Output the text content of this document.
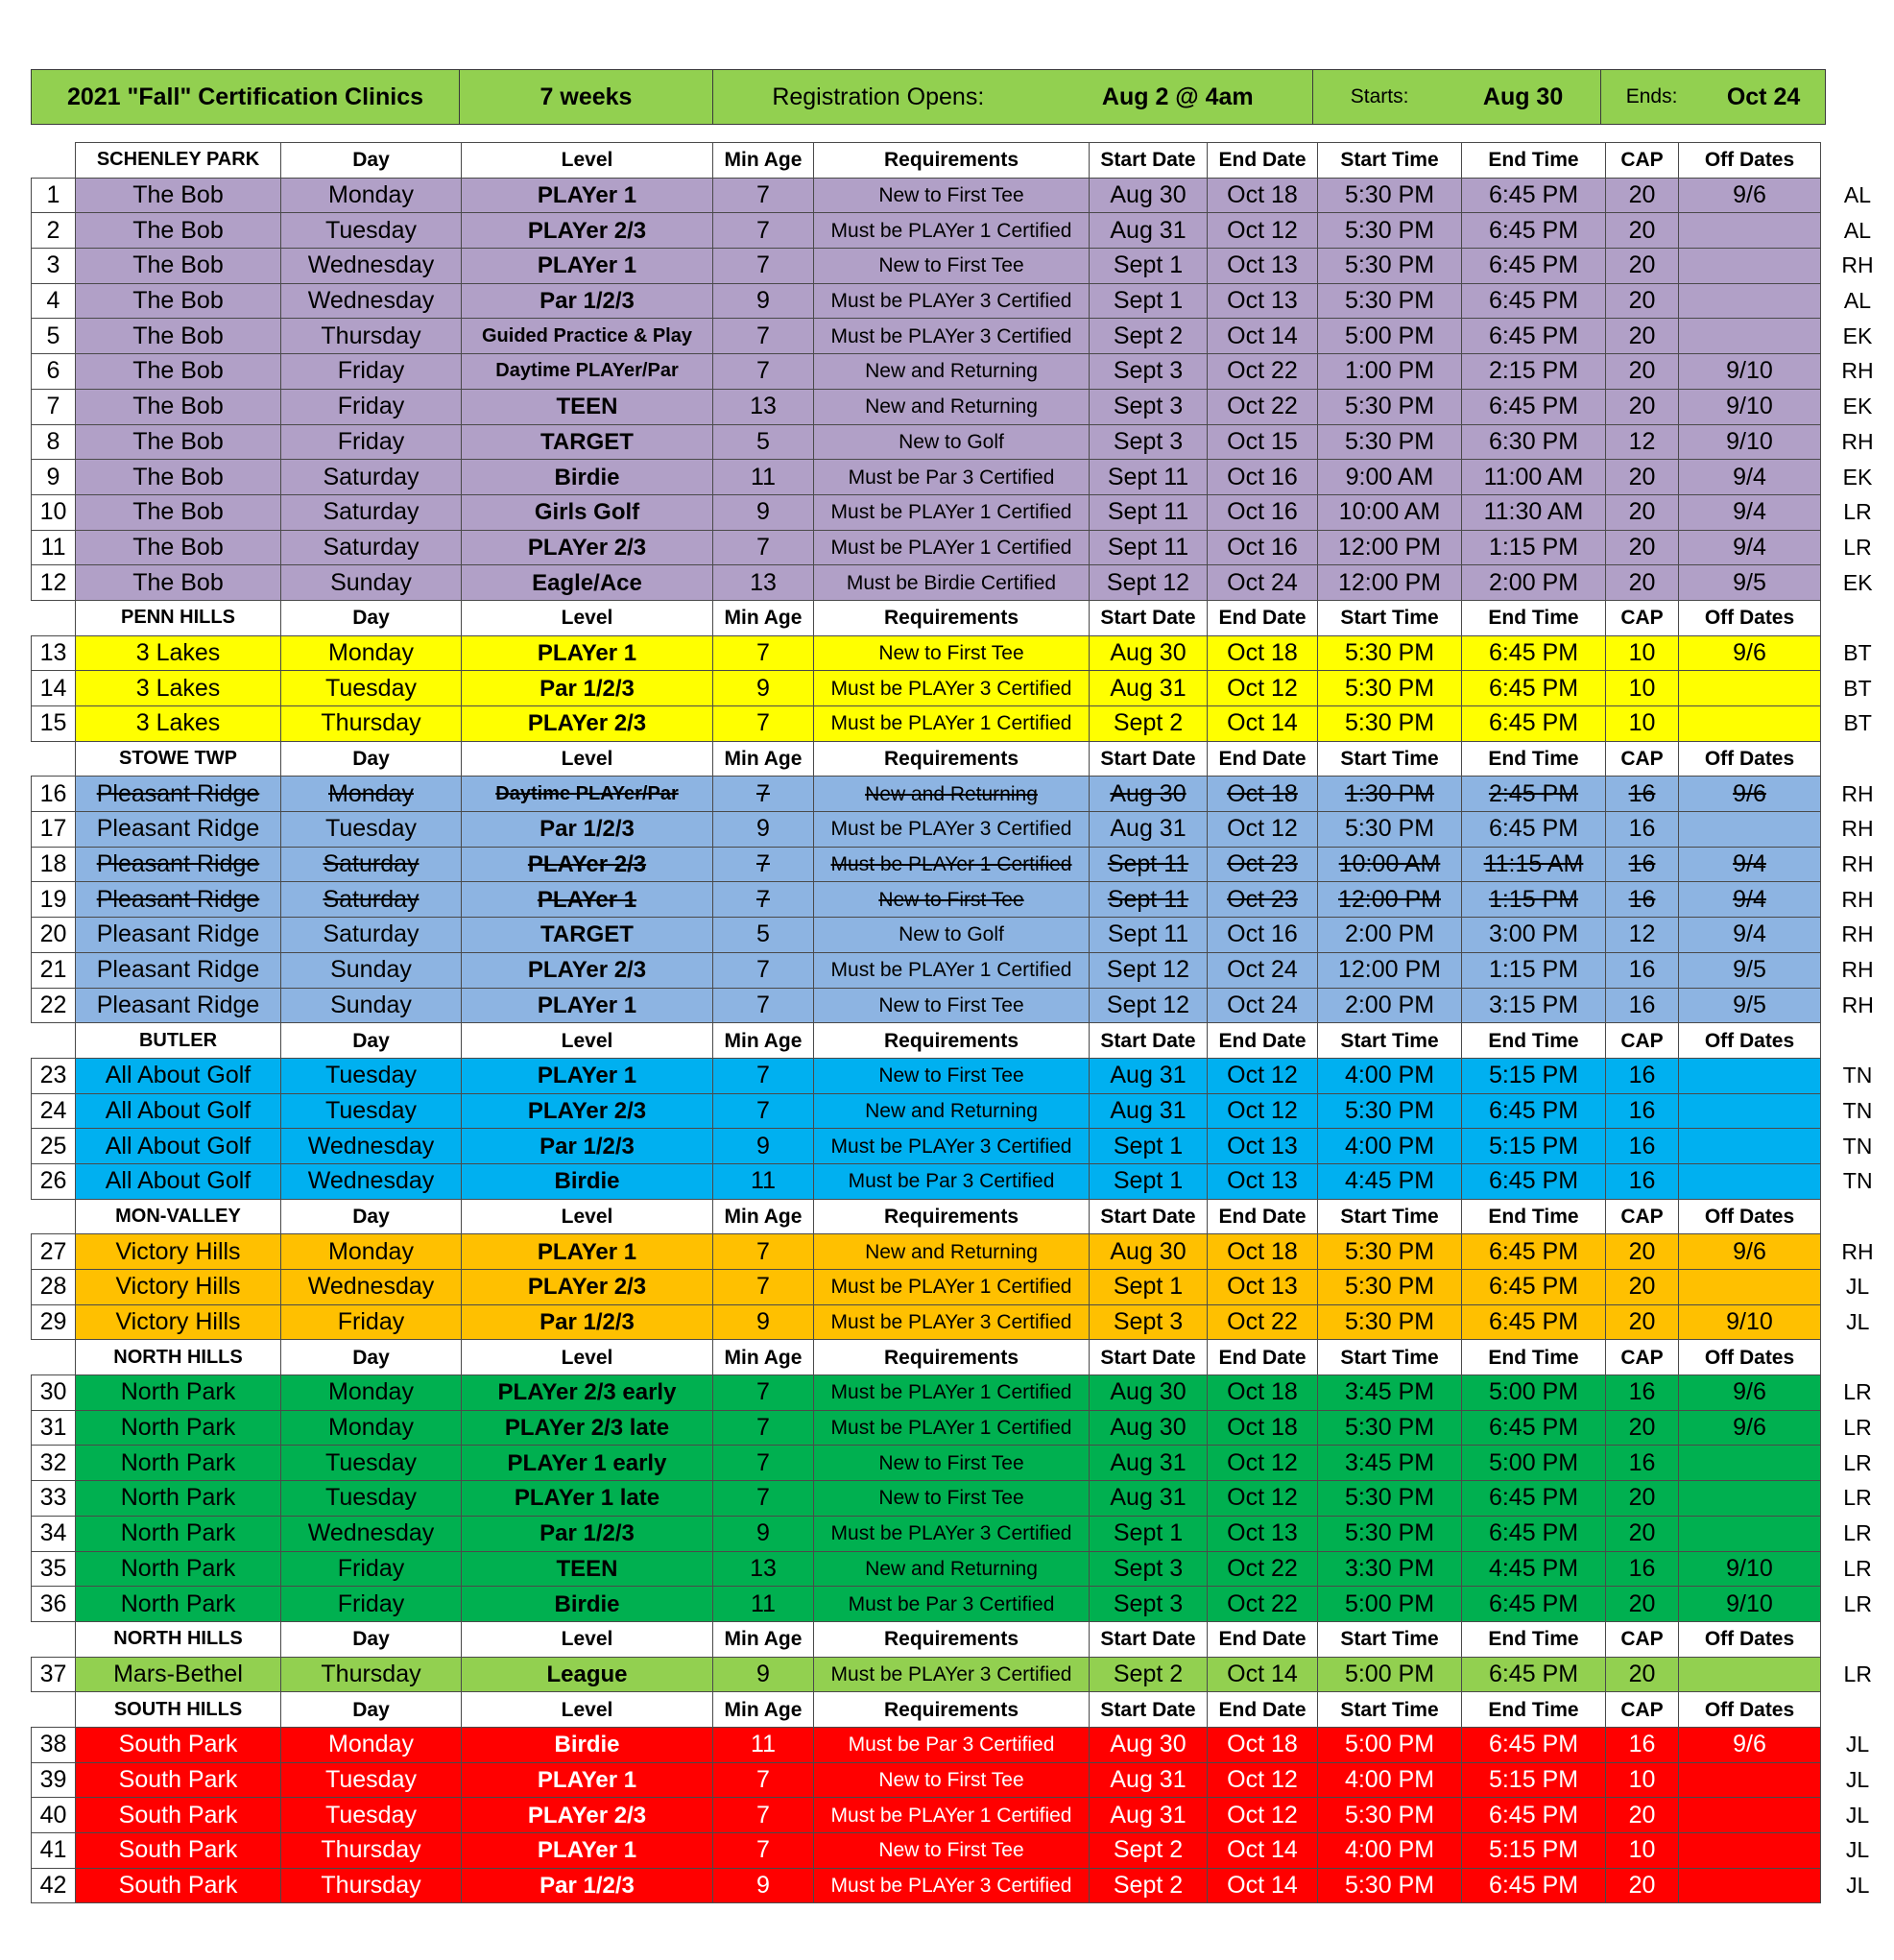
2021 "Fall" Certification Clinics	7 weeks	Registration Opens:	Aug 2 @ 4am	Starts:	Aug 30	Ends: Oct 24
	SCHENLEY PARK	Day	Level	Min Age	Requirements	Start Date	End Date	Start Time	End Time	CAP	Off Dates	
1	The Bob	Monday	PLAYer 1	7	New to First Tee	Aug 30	Oct 18	5:30 PM	6:45 PM	20	9/6	AL
2	The Bob	Tuesday	PLAYer 2/3	7	Must be PLAYer 1 Certified	Aug 31	Oct 12	5:30 PM	6:45 PM	20		AL
3	The Bob	Wednesday	PLAYer 1	7	New to First Tee	Sept 1	Oct 13	5:30 PM	6:45 PM	20		RH
4	The Bob	Wednesday	Par 1/2/3	9	Must be PLAYer 3 Certified	Sept 1	Oct 13	5:30 PM	6:45 PM	20		AL
5	The Bob	Thursday	Guided Practice & Play	7	Must be PLAYer 3 Certified	Sept 2	Oct 14	5:00 PM	6:45 PM	20		EK
6	The Bob	Friday	Daytime PLAYer/Par	7	New and Returning	Sept 3	Oct 22	1:00 PM	2:15 PM	20	9/10	RH
7	The Bob	Friday	TEEN	13	New and Returning	Sept 3	Oct 22	5:30 PM	6:45 PM	20	9/10	EK
8	The Bob	Friday	TARGET	5	New to Golf	Sept 3	Oct 15	5:30 PM	6:30 PM	12	9/10	RH
9	The Bob	Saturday	Birdie	11	Must be Par 3 Certified	Sept 11	Oct 16	9:00 AM	11:00 AM	20	9/4	EK
10	The Bob	Saturday	Girls Golf	9	Must be PLAYer 1 Certified	Sept 11	Oct 16	10:00 AM	11:30 AM	20	9/4	LR
11	The Bob	Saturday	PLAYer 2/3	7	Must be PLAYer 1 Certified	Sept 11	Oct 16	12:00 PM	1:15 PM	20	9/4	LR
12	The Bob	Sunday	Eagle/Ace	13	Must be Birdie Certified	Sept 12	Oct 24	12:00 PM	2:00 PM	20	9/5	EK
	PENN HILLS	Day	Level	Min Age	Requirements	Start Date	End Date	Start Time	End Time	CAP	Off Dates	
13	3 Lakes	Monday	PLAYer 1	7	New to First Tee	Aug 30	Oct 18	5:30 PM	6:45 PM	10	9/6	BT
14	3 Lakes	Tuesday	Par 1/2/3	9	Must be PLAYer 3 Certified	Aug 31	Oct 12	5:30 PM	6:45 PM	10		BT
15	3 Lakes	Thursday	PLAYer 2/3	7	Must be PLAYer 1 Certified	Sept 2	Oct 14	5:30 PM	6:45 PM	10		BT
	STOWE TWP	Day	Level	Min Age	Requirements	Start Date	End Date	Start Time	End Time	CAP	Off Dates	
16	Pleasant Ridge	Monday	Daytime PLAYer/Par	7	New and Returning	Aug 30	Oct 18	1:30 PM	2:45 PM	16	9/6	RH
17	Pleasant Ridge	Tuesday	Par 1/2/3	9	Must be PLAYer 3 Certified	Aug 31	Oct 12	5:30 PM	6:45 PM	16		RH
18	Pleasant Ridge	Saturday	PLAYer 2/3	7	Must be PLAYer 1 Certified	Sept 11	Oct 23	10:00 AM	11:15 AM	16	9/4	RH
19	Pleasant Ridge	Saturday	PLAYer 1	7	New to First Tee	Sept 11	Oct 23	12:00 PM	1:15 PM	16	9/4	RH
20	Pleasant Ridge	Saturday	TARGET	5	New to Golf	Sept 11	Oct 16	2:00 PM	3:00 PM	12	9/4	RH
21	Pleasant Ridge	Sunday	PLAYer 2/3	7	Must be PLAYer 1 Certified	Sept 12	Oct 24	12:00 PM	1:15 PM	16	9/5	RH
22	Pleasant Ridge	Sunday	PLAYer 1	7	New to First Tee	Sept 12	Oct 24	2:00 PM	3:15 PM	16	9/5	RH
	BUTLER	Day	Level	Min Age	Requirements	Start Date	End Date	Start Time	End Time	CAP	Off Dates	
23	All About Golf	Tuesday	PLAYer 1	7	New to First Tee	Aug 31	Oct 12	4:00 PM	5:15 PM	16		TN
24	All About Golf	Tuesday	PLAYer 2/3	7	New and Returning	Aug 31	Oct 12	5:30 PM	6:45 PM	16		TN
25	All About Golf	Wednesday	Par 1/2/3	9	Must be PLAYer 3 Certified	Sept 1	Oct 13	4:00 PM	5:15 PM	16		TN
26	All About Golf	Wednesday	Birdie	11	Must be Par 3 Certified	Sept 1	Oct 13	4:45 PM	6:45 PM	16		TN
	MON-VALLEY	Day	Level	Min Age	Requirements	Start Date	End Date	Start Time	End Time	CAP	Off Dates	
27	Victory Hills	Monday	PLAYer 1	7	New and Returning	Aug 30	Oct 18	5:30 PM	6:45 PM	20	9/6	RH
28	Victory Hills	Wednesday	PLAYer 2/3	7	Must be PLAYer 1 Certified	Sept 1	Oct 13	5:30 PM	6:45 PM	20		JL
29	Victory Hills	Friday	Par 1/2/3	9	Must be PLAYer 3 Certified	Sept 3	Oct 22	5:30 PM	6:45 PM	20	9/10	JL
	NORTH HILLS	Day	Level	Min Age	Requirements	Start Date	End Date	Start Time	End Time	CAP	Off Dates	
30	North Park	Monday	PLAYer 2/3 early	7	Must be PLAYer 1 Certified	Aug 30	Oct 18	3:45 PM	5:00 PM	16	9/6	LR
31	North Park	Monday	PLAYer 2/3 late	7	Must be PLAYer 1 Certified	Aug 30	Oct 18	5:30 PM	6:45 PM	20	9/6	LR
32	North Park	Tuesday	PLAYer 1 early	7	New to First Tee	Aug 31	Oct 12	3:45 PM	5:00 PM	16		LR
33	North Park	Tuesday	PLAYer 1 late	7	New to First Tee	Aug 31	Oct 12	5:30 PM	6:45 PM	20		LR
34	North Park	Wednesday	Par 1/2/3	9	Must be PLAYer 3 Certified	Sept 1	Oct 13	5:30 PM	6:45 PM	20		LR
35	North Park	Friday	TEEN	13	New and Returning	Sept 3	Oct 22	3:30 PM	4:45 PM	16	9/10	LR
36	North Park	Friday	Birdie	11	Must be Par 3 Certified	Sept 3	Oct 22	5:00 PM	6:45 PM	20	9/10	LR
	NORTH HILLS	Day	Level	Min Age	Requirements	Start Date	End Date	Start Time	End Time	CAP	Off Dates	
37	Mars-Bethel	Thursday	League	9	Must be PLAYer 3 Certified	Sept 2	Oct 14	5:00 PM	6:45 PM	20		LR
	SOUTH HILLS	Day	Level	Min Age	Requirements	Start Date	End Date	Start Time	End Time	CAP	Off Dates	
38	South Park	Monday	Birdie	11	Must be Par 3 Certified	Aug 30	Oct 18	5:00 PM	6:45 PM	16	9/6	JL
39	South Park	Tuesday	PLAYer 1	7	New to First Tee	Aug 31	Oct 12	4:00 PM	5:15 PM	10		JL
40	South Park	Tuesday	PLAYer 2/3	7	Must be PLAYer 1 Certified	Aug 31	Oct 12	5:30 PM	6:45 PM	20		JL
41	South Park	Thursday	PLAYer 1	7	New to First Tee	Sept 2	Oct 14	4:00 PM	5:15 PM	10		JL
42	South Park	Thursday	Par 1/2/3	9	Must be PLAYer 3 Certified	Sept 2	Oct 14	5:30 PM	6:45 PM	20		JL
